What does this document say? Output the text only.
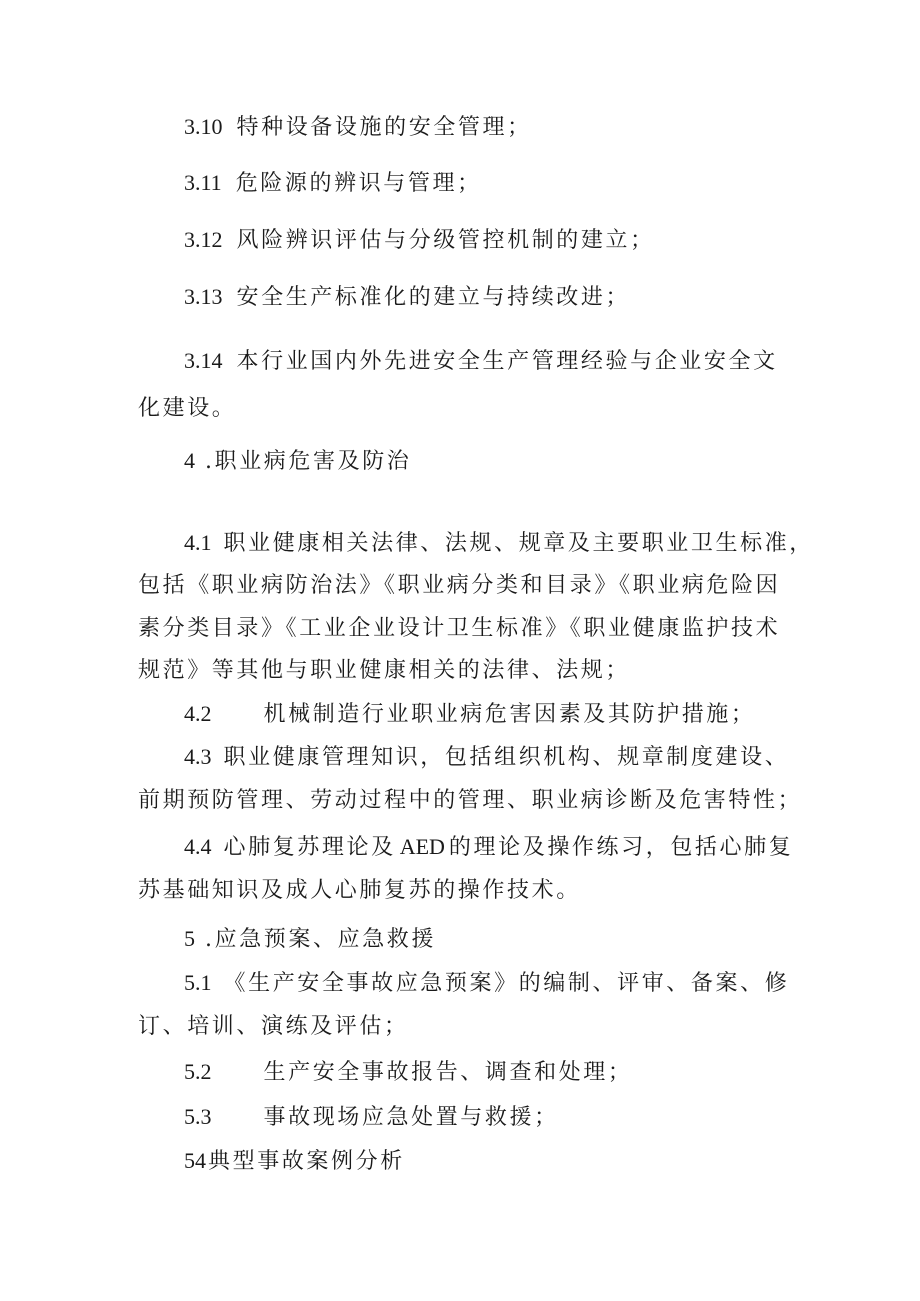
3.10 特种设备设施的安全管理；
3.11 危险源的辨识与管理；
3.12 风险辨识评估与分级管控机制的建立；
3.13 安全生产标准化的建立与持续改进；
3.14 本行业国内外先进安全生产管理经验与企业安全文
化建设。
4 .职业病危害及防治
4.1 职业健康相关法律、法规、规章及主要职业卫生标准，
包括《职业病防治法》《职业病分类和目录》《职业病危险因
素分类目录》《工业企业设计卫生标准》《职业健康监护技术
规范》等其他与职业健康相关的法律、法规；
4.2 机械制造行业职业病危害因素及其防护措施；
4.3 职业健康管理知识，包括组织机构、规章制度建设、
前期预防管理、劳动过程中的管理、职业病诊断及危害特性；
4.4 心肺复苏理论及 AED 的理论及操作练习，包括心肺复
苏基础知识及成人心肺复苏的操作技术。
5 .应急预案、应急救援
5.1 《生产安全事故应急预案》的编制、评审、备案、修
订、培训、演练及评估；
5.2 生产安全事故报告、调查和处理；
5.3 事故现场应急处置与救援；
54典型事故案例分析
